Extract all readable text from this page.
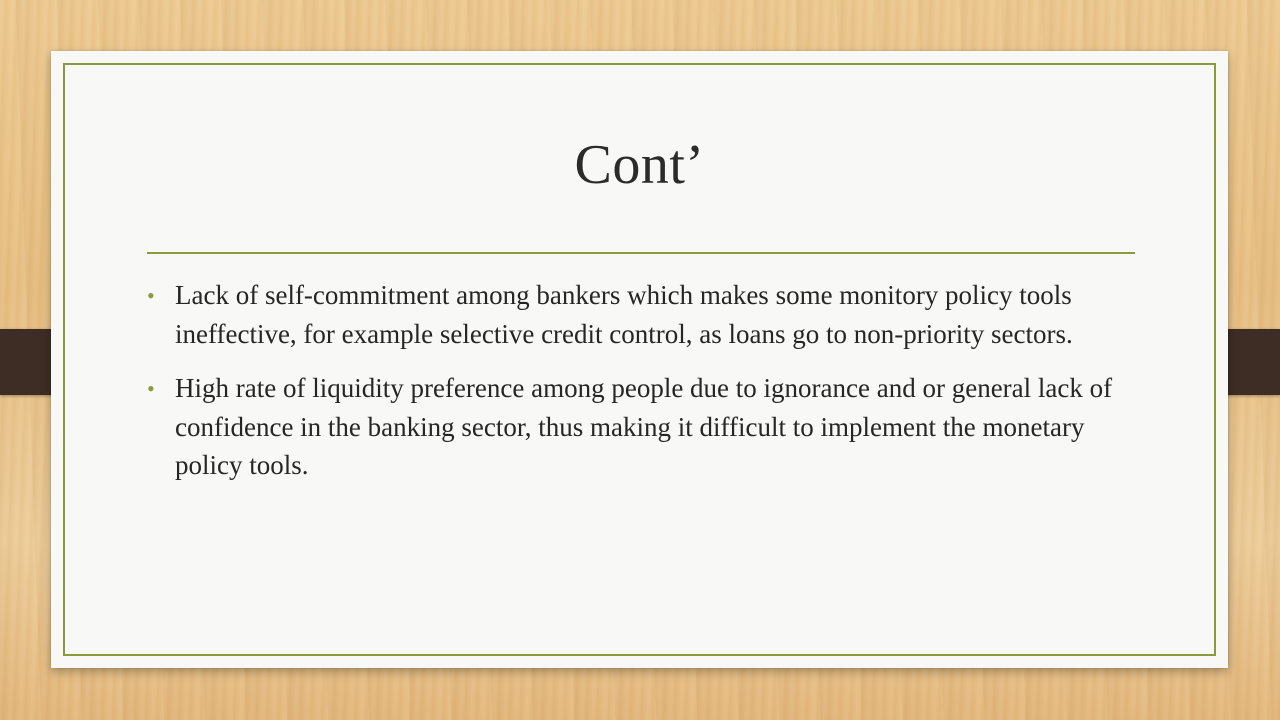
Cont’
• Lack of self-commitment among bankers which makes some monitory policy tools ineffective, for example selective credit control, as loans go to non-priority sectors.
• High rate of liquidity preference among people due to ignorance and or general lack of confidence in the banking sector, thus making it difficult to implement the monetary policy tools.
